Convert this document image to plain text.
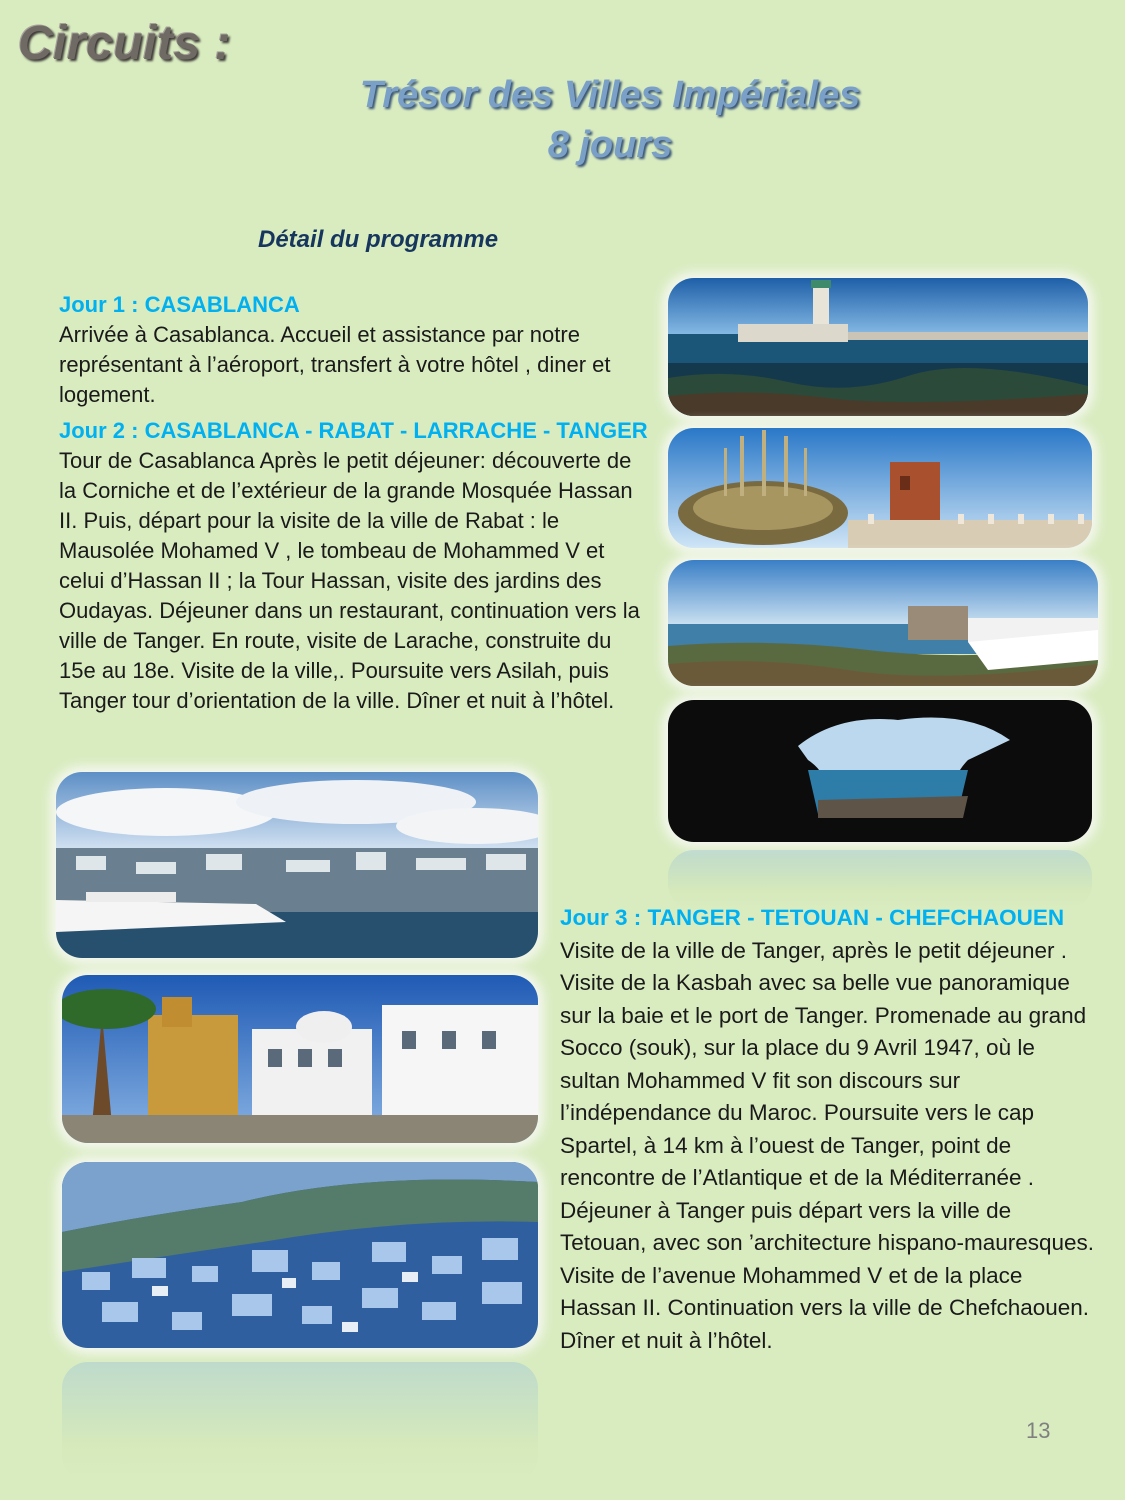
Circuits :
Trésor des Villes Impériales
8 jours
Détail du programme
Jour 1 : CASABLANCA
Arrivée à Casablanca. Accueil et assistance par notre représentant à l’aéroport, transfert à votre hôtel , diner et logement.
Jour 2 : CASABLANCA - RABAT - LARRACHE - TANGER
Tour de Casablanca Après le petit déjeuner: découverte de la Corniche et de l’extérieur de la grande Mosquée Hassan II. Puis, départ pour la visite de la ville de Rabat : le Mausolée Mohamed V , le tombeau de Mohammed V et celui d’Hassan II ; la Tour Hassan, visite des jardins des Oudayas. Déjeuner dans un restaurant, continuation vers la ville de Tanger. En route, visite de Larache, construite du 15e au 18e. Visite de la ville,. Poursuite vers Asilah, puis Tanger tour d’orientation de la ville. Dîner et nuit à l’hôtel.
Jour 3 : TANGER - TETOUAN - CHEFCHAOUEN
Visite de la ville de Tanger, après le petit déjeuner . Visite de la Kasbah avec sa belle vue panoramique sur la baie et le port de Tanger. Promenade au grand Socco (souk), sur la place du 9 Avril 1947, où le sultan Mohammed V fit son discours sur l’indépendance du Maroc. Poursuite vers le cap Spartel, à 14 km à l’ouest de Tanger, point de rencontre de l’Atlantique et de la Méditerranée . Déjeuner à Tanger puis départ vers la ville de Tetouan, avec son ’architecture hispano-mauresques. Visite de l’avenue Mohammed V et de la place Hassan II. Continuation vers la ville de Chefchaouen. Dîner et nuit à l’hôtel.
13
